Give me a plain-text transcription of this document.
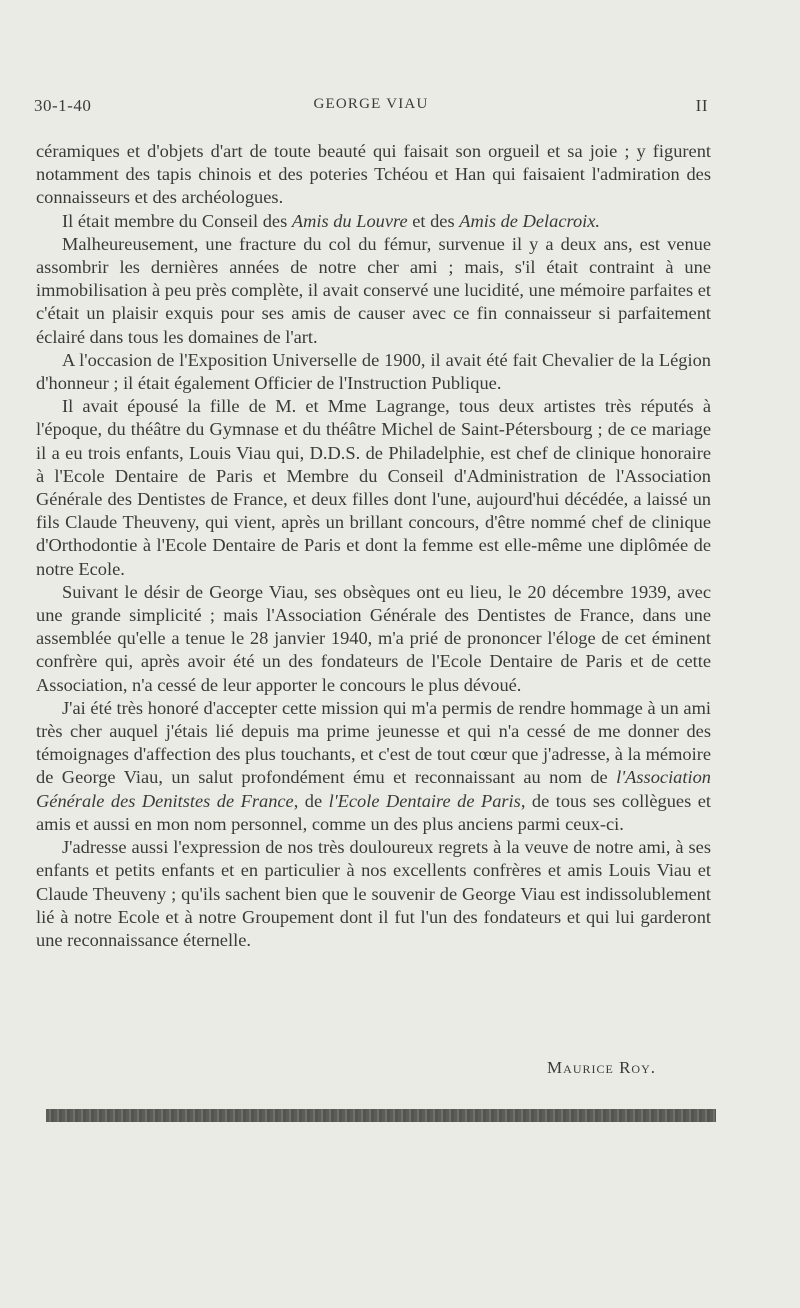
30-1-40	GEORGE VIAU	II

céramiques et d'objets d'art de toute beauté qui faisait son orgueil et sa joie ; y figurent notamment des tapis chinois et des poteries Tchéou et Han qui faisaient l'admiration des connaisseurs et des archéologues.

Il était membre du Conseil des Amis du Louvre et des Amis de Delacroix.

Malheureusement, une fracture du col du fémur, survenue il y a deux ans, est venue assombrir les dernières années de notre cher ami ; mais, s'il était contraint à une immobilisation à peu près complète, il avait conservé une lucidité, une mémoire parfaites et c'était un plaisir exquis pour ses amis de causer avec ce fin connaisseur si parfaitement éclairé dans tous les domaines de l'art.

A l'occasion de l'Exposition Universelle de 1900, il avait été fait Chevalier de la Légion d'honneur ; il était également Officier de l'Instruction Publique.

Il avait épousé la fille de M. et Mme Lagrange, tous deux artistes très réputés à l'époque, du théâtre du Gymnase et du théâtre Michel de Saint-Pétersbourg ; de ce mariage il a eu trois enfants, Louis Viau qui, D.D.S. de Philadelphie, est chef de clinique honoraire à l'Ecole Dentaire de Paris et Membre du Conseil d'Administration de l'Association Générale des Dentistes de France, et deux filles dont l'une, aujourd'hui décédée, a laissé un fils Claude Theuveny, qui vient, après un brillant concours, d'être nommé chef de clinique d'Orthodontie à l'Ecole Dentaire de Paris et dont la femme est elle-même une diplômée de notre Ecole.

Suivant le désir de George Viau, ses obsèques ont eu lieu, le 20 décembre 1939, avec une grande simplicité ; mais l'Association Générale des Dentistes de France, dans une assemblée qu'elle a tenue le 28 janvier 1940, m'a prié de prononcer l'éloge de cet éminent confrère qui, après avoir été un des fondateurs de l'Ecole Dentaire de Paris et de cette Association, n'a cessé de leur apporter le concours le plus dévoué.

J'ai été très honoré d'accepter cette mission qui m'a permis de rendre hommage à un ami très cher auquel j'étais lié depuis ma prime jeunesse et qui n'a cessé de me donner des témoignages d'affection des plus touchants, et c'est de tout cœur que j'adresse, à la mémoire de George Viau, un salut profondément ému et reconnaissant au nom de l'Association Générale des Denitstes de France, de l'Ecole Dentaire de Paris, de tous ses collègues et amis et aussi en mon nom personnel, comme un des plus anciens parmi ceux-ci.

J'adresse aussi l'expression de nos très douloureux regrets à la veuve de notre ami, à ses enfants et petits enfants et en particulier à nos excellents confrères et amis Louis Viau et Claude Theuveny ; qu'ils sachent bien que le souvenir de George Viau est indissolublement lié à notre Ecole et à notre Groupement dont il fut l'un des fondateurs et qui lui garderont une reconnaissance éternelle.

Maurice Roy.
